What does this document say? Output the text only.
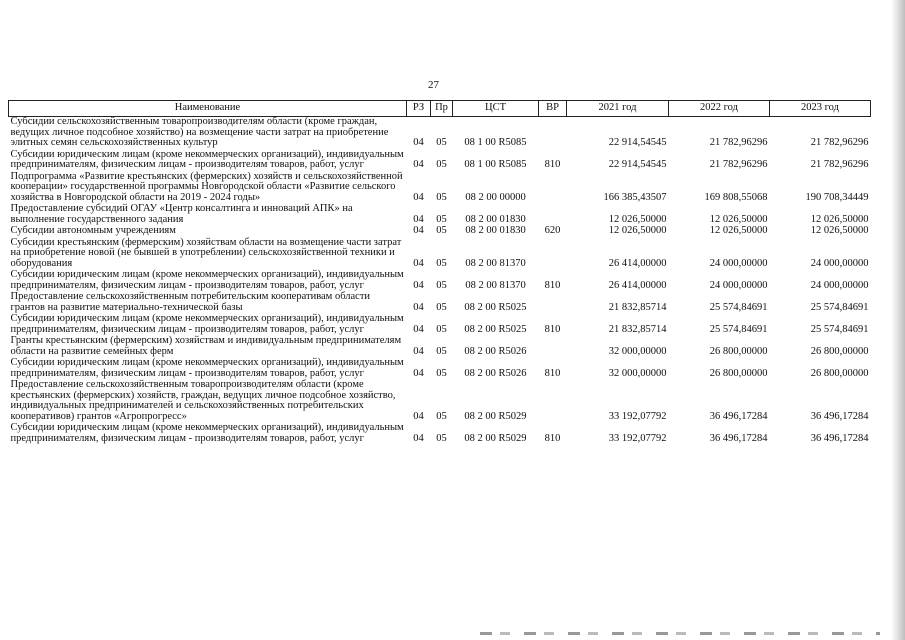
27
Наименование	РЗ	Пр	ЦСТ	ВР	2021 год	2022 год	2023 год
Субсидии сельскохозяйственным товаропроизводителям области (кроме граждан, ведущих личное подсобное хозяйство) на возмещение части затрат на приобретение элитных семян сельскохозяйственных культур	04	05	08 1 00 R5085		22 914,54545	21 782,96296	21 782,96296
Субсидии юридическим лицам (кроме некоммерческих организаций), индивидуальным предпринимателям, физическим лицам - производителям товаров, работ, услуг	04	05	08 1 00 R5085	810	22 914,54545	21 782,96296	21 782,96296
Подпрограмма «Развитие крестьянских (фермерских) хозяйств и сельскохозяйственной кооперации» государственной программы Новгородской области «Развитие сельского хозяйства в Новгородской области на 2019 - 2024 годы»	04	05	08 2 00 00000		166 385,43507	169 808,55068	190 708,34449
Предоставление субсидий ОГАУ «Центр консалтинга и инноваций АПК» на выполнение государственного задания	04	05	08 2 00 01830		12 026,50000	12 026,50000	12 026,50000
Субсидии автономным учреждениям	04	05	08 2 00 01830	620	12 026,50000	12 026,50000	12 026,50000
Субсидии крестьянским (фермерским) хозяйствам области на возмещение части затрат на приобретение новой (не бывшей в употреблении) сельскохозяйственной техники и оборудования	04	05	08 2 00 81370		26 414,00000	24 000,00000	24 000,00000
Субсидии юридическим лицам (кроме некоммерческих организаций), индивидуальным предпринимателям, физическим лицам - производителям товаров, работ, услуг	04	05	08 2 00 81370	810	26 414,00000	24 000,00000	24 000,00000
Предоставление сельскохозяйственным потребительским кооперативам области грантов на развитие материально-технической базы	04	05	08 2 00 R5025		21 832,85714	25 574,84691	25 574,84691
Субсидии юридическим лицам (кроме некоммерческих организаций), индивидуальным предпринимателям, физическим лицам - производителям товаров, работ, услуг	04	05	08 2 00 R5025	810	21 832,85714	25 574,84691	25 574,84691
Гранты крестьянским (фермерским) хозяйствам и индивидуальным предпринимателям области на развитие семейных ферм	04	05	08 2 00 R5026		32 000,00000	26 800,00000	26 800,00000
Субсидии юридическим лицам (кроме некоммерческих организаций), индивидуальным предпринимателям, физическим лицам - производителям товаров, работ, услуг	04	05	08 2 00 R5026	810	32 000,00000	26 800,00000	26 800,00000
Предоставление сельскохозяйственным товаропроизводителям области (кроме крестьянских (фермерских) хозяйств, граждан, ведущих личное подсобное хозяйство, индивидуальных предпринимателей и сельскохозяйственных потребительских кооперативов) грантов «Агропрогресс»	04	05	08 2 00 R5029		33 192,07792	36 496,17284	36 496,17284
Субсидии юридическим лицам (кроме некоммерческих организаций), индивидуальным предпринимателям, физическим лицам - производителям товаров, работ, услуг	04	05	08 2 00 R5029	810	33 192,07792	36 496,17284	36 496,17284
